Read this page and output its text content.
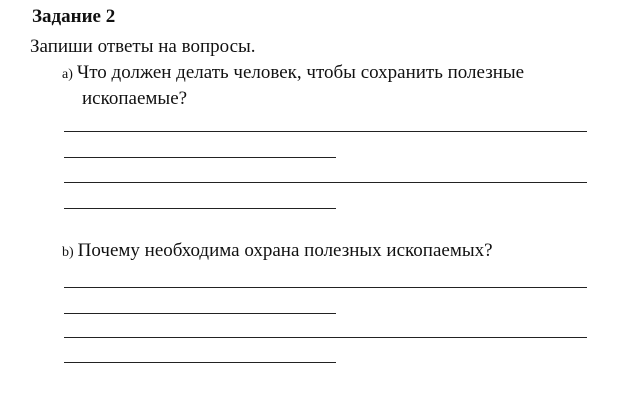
Задание 2
Запиши ответы на вопросы.
a) Что должен делать человек, чтобы сохранить полезные
ископаемые?
b) Почему необходима охрана полезных ископаемых?
